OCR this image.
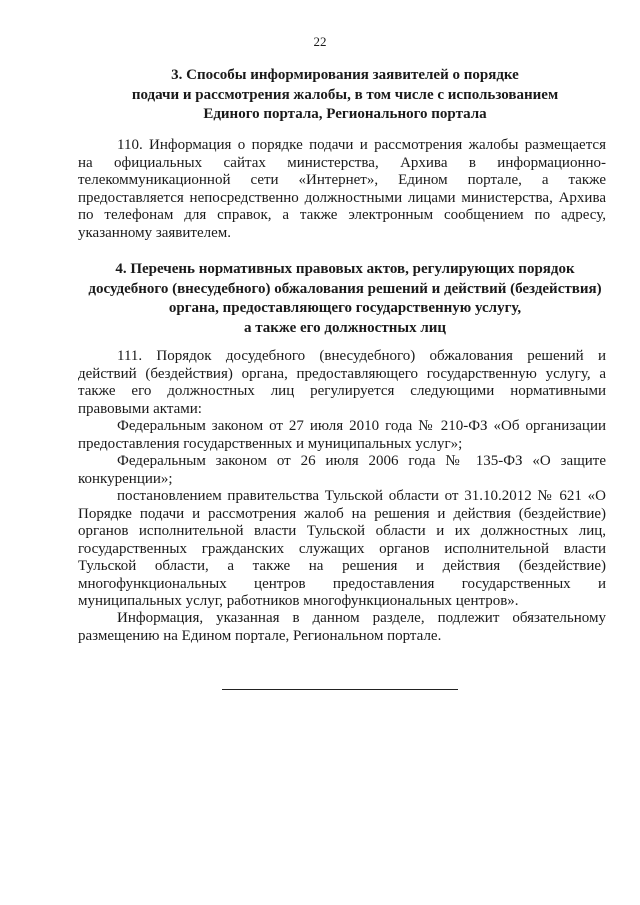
22
3. Способы информирования заявителей о порядке
подачи и рассмотрения жалобы, в том числе с использованием
Единого портала, Регионального портала
110. Информация о порядке подачи и рассмотрения жалобы размещается
на официальных сайтах министерства, Архива в информационно-
телекоммуникационной сети «Интернет», Едином портале, а также
предоставляется непосредственно должностными лицами министерства, Архива
по телефонам для справок, а также электронным сообщением по адресу,
указанному заявителем.
4. Перечень нормативных правовых актов, регулирующих порядок
досудебного (внесудебного) обжалования решений и действий (бездействия)
органа, предоставляющего государственную услугу,
а также его должностных лиц
111. Порядок досудебного (внесудебного) обжалования решений и
действий (бездействия) органа, предоставляющего государственную услугу, а
также его должностных лиц регулируется следующими нормативными
правовыми актами:
Федеральным законом от 27 июля 2010 года № 210-ФЗ «Об организации
предоставления государственных и муниципальных услуг»;
Федеральным законом от 26 июля 2006 года № 135-ФЗ «О защите
конкуренции»;
постановлением правительства Тульской области от 31.10.2012 № 621 «О
Порядке подачи и рассмотрения жалоб на решения и действия (бездействие)
органов исполнительной власти Тульской области и их должностных лиц,
государственных гражданских служащих органов исполнительной власти
Тульской области, а также на решения и действия (бездействие)
многофункциональных центров предоставления государственных и
муниципальных услуг, работников многофункциональных центров».
Информация, указанная в данном разделе, подлежит обязательному
размещению на Едином портале, Региональном портале.
